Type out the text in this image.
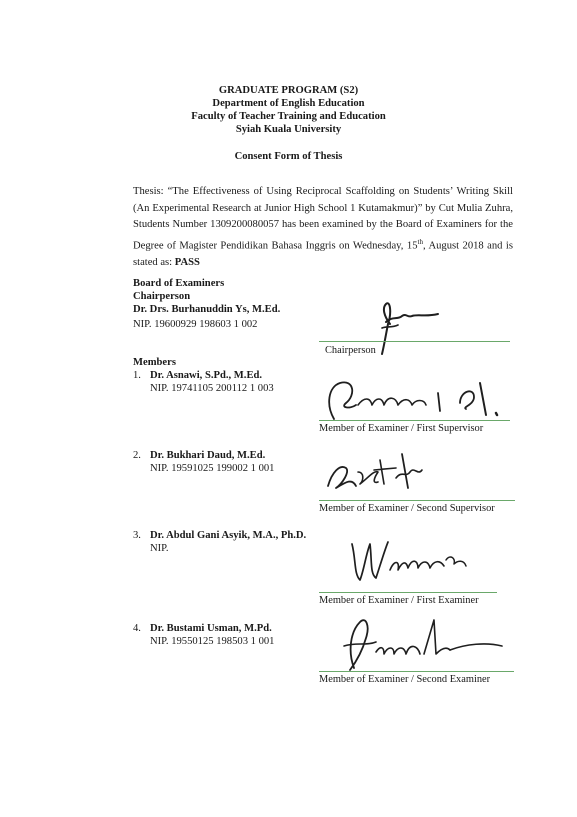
GRADUATE PROGRAM (S2)
Department of English Education
Faculty of Teacher Training and Education
Syiah Kuala University
Consent Form of Thesis
Thesis: “The Effectiveness of Using Reciprocal Scaffolding on Students’ Writing Skill (An Experimental Research at Junior High School 1 Kutamakmur)” by Cut Mulia Zuhra, Students Number 1309200080057 has been examined by the Board of Examiners for the Degree of Magister Pendidikan Bahasa Inggris on Wednesday, 15th, August 2018 and is stated as: PASS
Board of Examiners
Chairperson
Dr. Drs. Burhanuddin Ys, M.Ed.
NIP. 19600929 198603 1 002
Chairperson
Members
1. Dr. Asnawi, S.Pd., M.Ed.
NIP. 19741105 200112 1 003
Member of Examiner / First Supervisor
2. Dr. Bukhari Daud, M.Ed.
NIP. 19591025 199002 1 001
Member of Examiner / Second Supervisor
3. Dr. Abdul Gani Asyik, M.A., Ph.D.
NIP.
Member of Examiner / First Examiner
4. Dr. Bustami Usman, M.Pd.
NIP. 19550125 198503 1 001
Member of Examiner / Second Examiner
